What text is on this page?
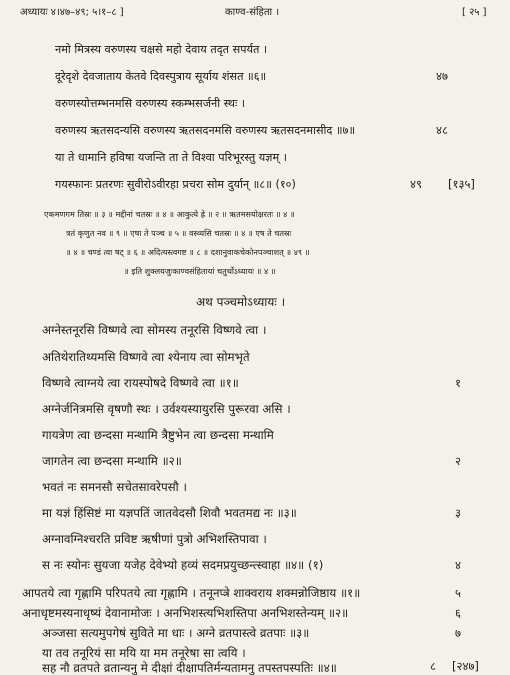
अध्यायः ४।४७–४९; ५।१–८ ]	काण्व-संहिता ।	[ २५ ]
नमो मित्रस्य वरुणस्य चक्षसे महो देवाय तदृत सपर्यत ।
दूरेदृशे देवजाताय केतवे दिवस्पुत्राय सूर्याय शंसत ॥६॥
वरुणस्योत्तम्भनमसि वरुणस्य स्कम्भसर्जनी स्थः ।
वरुणस्य ऋतसदन्यसि वरुणस्य ऋतसदनमसि वरुणस्य ऋतसदनमासीद ॥७॥
या ते धामानि हविषा यजन्ति ता ते विश्वा परिभूरस्तु यज्ञम् ।
गयस्फानः प्रतरणः सुवीरोऽवीरहा प्रचरा सोम दुर्यान् ॥८॥ (१०)
४७
४८
४९ [१३५]
एकमणगम तिस्रः ॥ ३ ॥ मद्दीनां चतस्रः ॥ ४ ॥ आकुत्ये ह्रे ॥ २ ॥ ऋतमसयोक्षरतः ॥ ४ ॥
त्रतं कृणुत नव ॥ ९ ॥ एषा ते पञ्च ॥ ५ ॥ वस्व्यसि चतस्रः ॥ ४ ॥ एष ते चतस्रः
॥ ४ ॥ चण्डं त्वा षट् ॥ ६ ॥ अदित्यस्त्वगष्ट ॥ ८ ॥ दशानुवाकचेकोनपञ्चाशत् ॥ ४९ ॥
॥ इति शुक्लयजुःकाण्वसंहितायां चतुर्थोऽध्यायः ॥ ४ ॥
अथ पञ्चमोऽध्यायः ।
अग्नेस्तनूरसि विष्णवे त्वा सोमस्य तनूरसि विष्णवे त्वा ।
अतिथेरातिथ्यमसि विष्णवे त्वा श्येनाय त्वा सोमभृते
विष्णवे त्वाग्नये त्वा रायस्पोषदे विष्णवे त्वा ॥१॥
अग्नेर्जनित्रमसि वृषणौ स्थः । उर्वश्यस्यायुरसि पुरूरवा असि ।
गायत्रेण त्वा छन्दसा मन्थामि त्रैष्टुभेन त्वा छन्दसा मन्थामि
जागतेन त्वा छन्दसा मन्थामि ॥२॥
भवतं नः समनसौ सचेतसावरेपसौ ।
मा यज्ञं हिंसिष्टं मा यज्ञपतिं जातवेदसौ शिवौ भवतमद्य नः ॥३॥
अग्नावग्निश्चरति प्रविष्ट ऋषीणां पुत्रो अभिशस्तिपावा ।
स नः स्योनः सुयजा यजेह देवेभ्यो हव्यं सदमप्रयुच्छन्त्स्वाहा ॥४॥ (१)
१
२
३
४
आपतये त्वा गृह्णामि परिपतये त्वा गृह्णामि । तनूनप्त्रे शाक्वराय शक्मन्नोजिष्ठाय ॥१॥
अनाधृष्टमस्यनाधृष्यं देवानामोजः । अनभिशस्त्यभिशस्तिपा अनभिशस्तेन्यम् ॥२॥
अञ्जसा सत्यमुपगेषं सुविते मा धाः । अग्ने व्रतपास्त्वे व्रतपाः ॥३॥
या तव तनूरियं सा मयि या मम तनूरेषा सा त्वयि ।
सह नौ व्रतपते व्रतान्यनु मे दीक्षां दीक्षापतिर्मन्यतामनु तपस्तपस्पतिः ॥४॥
५
६
७
८ [२४७]
